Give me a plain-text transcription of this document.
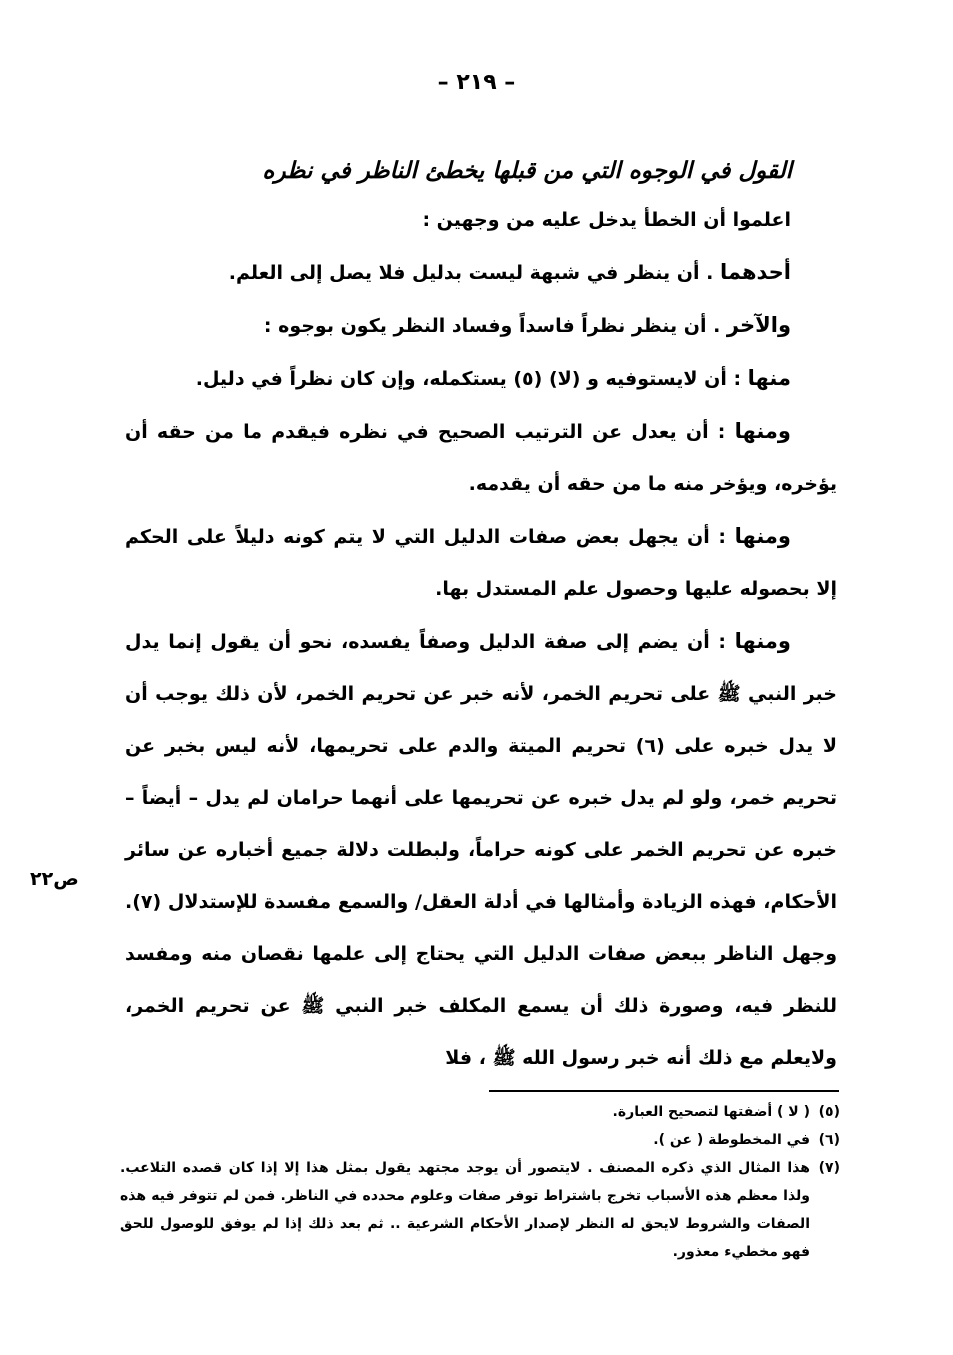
– ٢١٩ –
القول في الوجوه التي من قبلها يخطئ الناظر في نظره

اعلموا أن الخطأ يدخل عليه من وجهين :

أحدهما . أن ينظر في شبهة ليست بدليل فلا يصل إلى العلم.

والآخر . أن ينظر نظراً فاسداً وفساد النظر يكون بوجوه :

منها : أن لايستوفيه و (لا) (٥) يستكمله، وإن كان نظراً في دليل.

ومنها : أن يعدل عن الترتيب الصحيح في نظره فيقدم ما من حقه أن يؤخره، ويؤخر منه ما من حقه أن يقدمه.

ومنها : أن يجهل بعض صفات الدليل التي لا يتم كونه دليلاً على الحكم إلا بحصوله عليها وحصول علم المستدل بها.

ومنها : أن يضم إلى صفة الدليل وصفاً يفسده، نحو أن يقول إنما يدل خبر النبي ﷺ على تحريم الخمر، لأنه خبر عن تحريم الخمر، لأن ذلك يوجب أن لا يدل خبره على (٦) تحريم الميتة والدم على تحريمها، لأنه ليس بخبر عن تحريم خمر، ولو لم يدل خبره عن تحريمها على أنهما حرامان لم يدل – أيضاً – خبره عن تحريم الخمر على كونه حراماً، ولبطلت دلالة جميع أخباره عن سائر الأحكام، فهذه الزيادة وأمثالها في أدلة العقل/ والسمع مفسدة للإستدلال (٧). وجهل الناظر ببعض صفات الدليل التي يحتاج إلى علمها نقصان منه ومفسد للنظر فيه، وصورة ذلك أن يسمع المكلف خبر النبي ﷺ عن تحريم الخمر، ولايعلم مع ذلك أنه خبر رسول الله ﷺ ، فلا

ص٢٢
(٥)
( لا ) أضفتها لتصحيح العبارة.
(٦)
في المخطوطة ( عن ).
(٧)
هذا المثال الذي ذكره المصنف . لايتصور أن يوجد مجتهد يقول بمثل هذا إلا إذا كان قصده التلاعب. ولذا معظم هذه الأسباب تخرج باشتراط توفر صفات وعلوم محدده في الناظر. فمن لم تتوفر فيه هذه الصفات والشروط لايحق له النظر لإصدار الأحكام الشرعية .. ثم بعد ذلك إذا لم يوفق للوصول للحق فهو مخطيء معذور.
